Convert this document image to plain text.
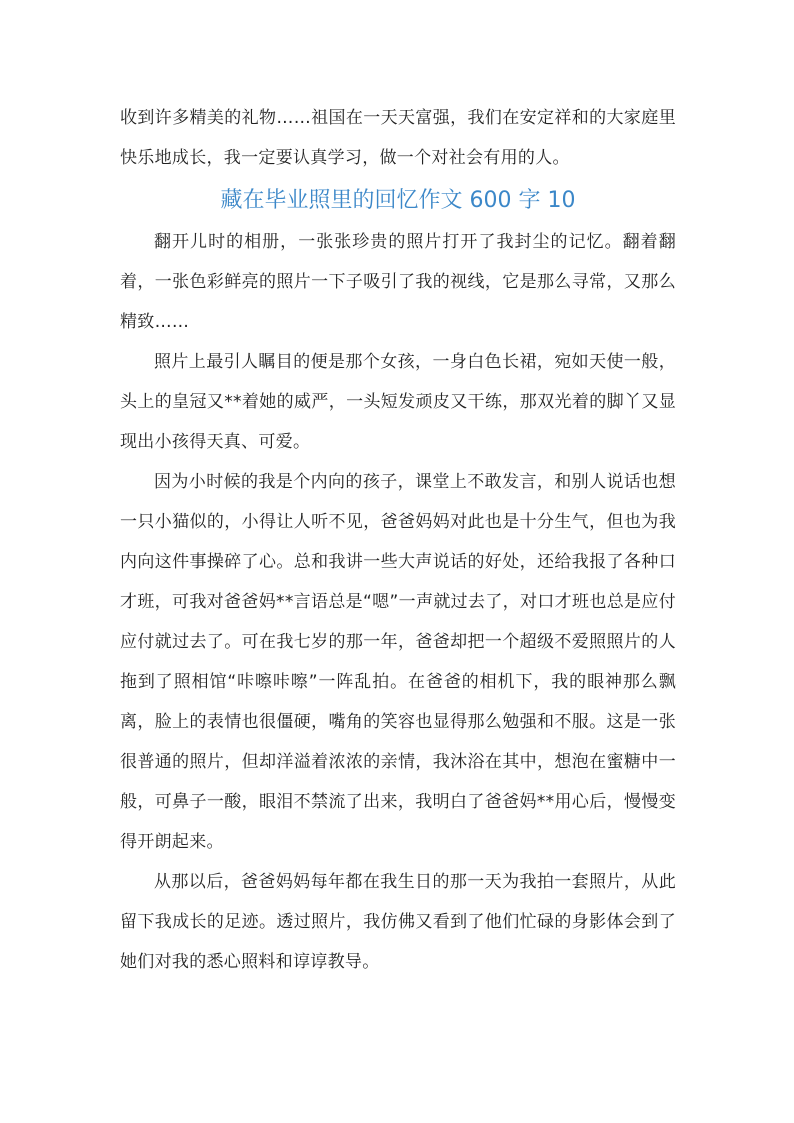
收到许多精美的礼物……祖国在一天天富强，我们在安定祥和的大家庭里快乐地成长，我一定要认真学习，做一个对社会有用的人。

藏在毕业照里的回忆作文 600 字 10

翻开儿时的相册，一张张珍贵的照片打开了我封尘的记忆。翻着翻着，一张色彩鲜亮的照片一下子吸引了我的视线，它是那么寻常，又那么精致……

照片上最引人瞩目的便是那个女孩，一身白色长裙，宛如天使一般，头上的皇冠又**着她的威严，一头短发顽皮又干练，那双光着的脚丫又显现出小孩得天真、可爱。

因为小时候的我是个内向的孩子，课堂上不敢发言，和别人说话也想一只小猫似的，小得让人听不见，爸爸妈妈对此也是十分生气，但也为我内向这件事操碎了心。总和我讲一些大声说话的好处，还给我报了各种口才班，可我对爸爸妈**言语总是“嗯”一声就过去了，对口才班也总是应付应付就过去了。可在我七岁的那一年，爸爸却把一个超级不爱照照片的人拖到了照相馆“咔嚓咔嚓”一阵乱拍。在爸爸的相机下，我的眼神那么飘离，脸上的表情也很僵硬，嘴角的笑容也显得那么勉强和不服。这是一张很普通的照片，但却洋溢着浓浓的亲情，我沐浴在其中，想泡在蜜糖中一般，可鼻子一酸，眼泪不禁流了出来，我明白了爸爸妈**用心后，慢慢变得开朗起来。

从那以后，爸爸妈妈每年都在我生日的那一天为我拍一套照片，从此留下我成长的足迹。透过照片，我仿佛又看到了他们忙碌的身影体会到了她们对我的悉心照料和谆谆教导。
